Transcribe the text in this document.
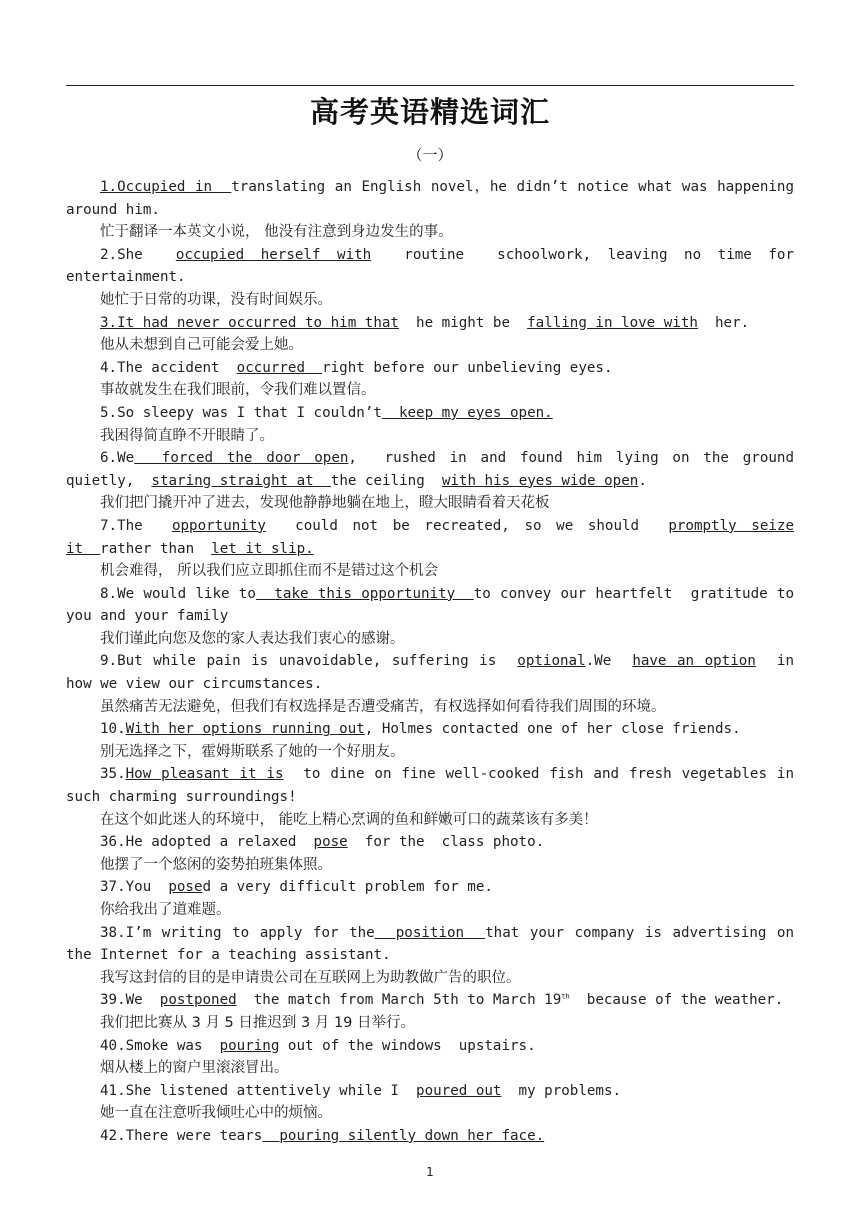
高考英语精选词汇
（一）

1.Occupied in  translating an English novel，he didn’t notice what was happening around him.

忙于翻译一本英文小说， 他没有注意到身边发生的事。

2.She  occupied herself with  routine  schoolwork, leaving no time for entertainment.

她忙于日常的功课，没有时间娱乐。

3.It had never occurred to him that  he might be  falling in love with  her.

他从未想到自己可能会爱上她。

4.The accident  occurred  right before our unbelieving eyes.

事故就发生在我们眼前，令我们难以置信。

5.So sleepy was I that I couldn’t  keep my eyes open.

我困得简直睁不开眼睛了。

6.We  forced the door open,  rushed in and found him lying on the ground quietly,  staring straight at  the ceiling  with his eyes wide open.

我们把门撬开冲了进去，发现他静静地躺在地上，瞪大眼睛看着天花板

7.The  opportunity  could not be recreated, so we should  promptly seize it  rather than  let it slip.

机会难得， 所以我们应立即抓住而不是错过这个机会

8.We would like to  take this opportunity  to convey our heartfelt  gratitude to you and your family

我们谨此向您及您的家人表达我们衷心的感谢。

9.But while pain is unavoidable, suffering is  optional.We  have an option  in how we view our circumstances.

虽然痛苦无法避免，但我们有权选择是否遭受痛苦，有权选择如何看待我们周围的环境。

10.With her options running out, Holmes contacted one of her close friends.

别无选择之下，霍姆斯联系了她的一个好朋友。

35.How pleasant it is  to dine on fine well-cooked fish and fresh vegetables in such charming surroundings!

在这个如此迷人的环境中， 能吃上精心烹调的鱼和鲜嫩可口的蔬菜该有多美！

36.He adopted a relaxed  pose  for the  class photo.

他摆了一个悠闲的姿势拍班集体照。

37.You  posed a very difficult problem for me.

你给我出了道难题。

38.I’m writing to apply for the  position  that your company is advertising on the Internet for a teaching assistant.

我写这封信的目的是申请贵公司在互联网上为助教做广告的职位。

39.We  postponed  the match from March 5th to March 19th  because of the weather.

我们把比赛从 3 月 5 日推迟到 3 月 19 日举行。

40.Smoke was  pouring out of the windows  upstairs.

烟从楼上的窗户里滚滚冒出。

41.She listened attentively while I  poured out  my problems.

她一直在注意听我倾吐心中的烦恼。

42.There were tears  pouring silently down her face.

1
